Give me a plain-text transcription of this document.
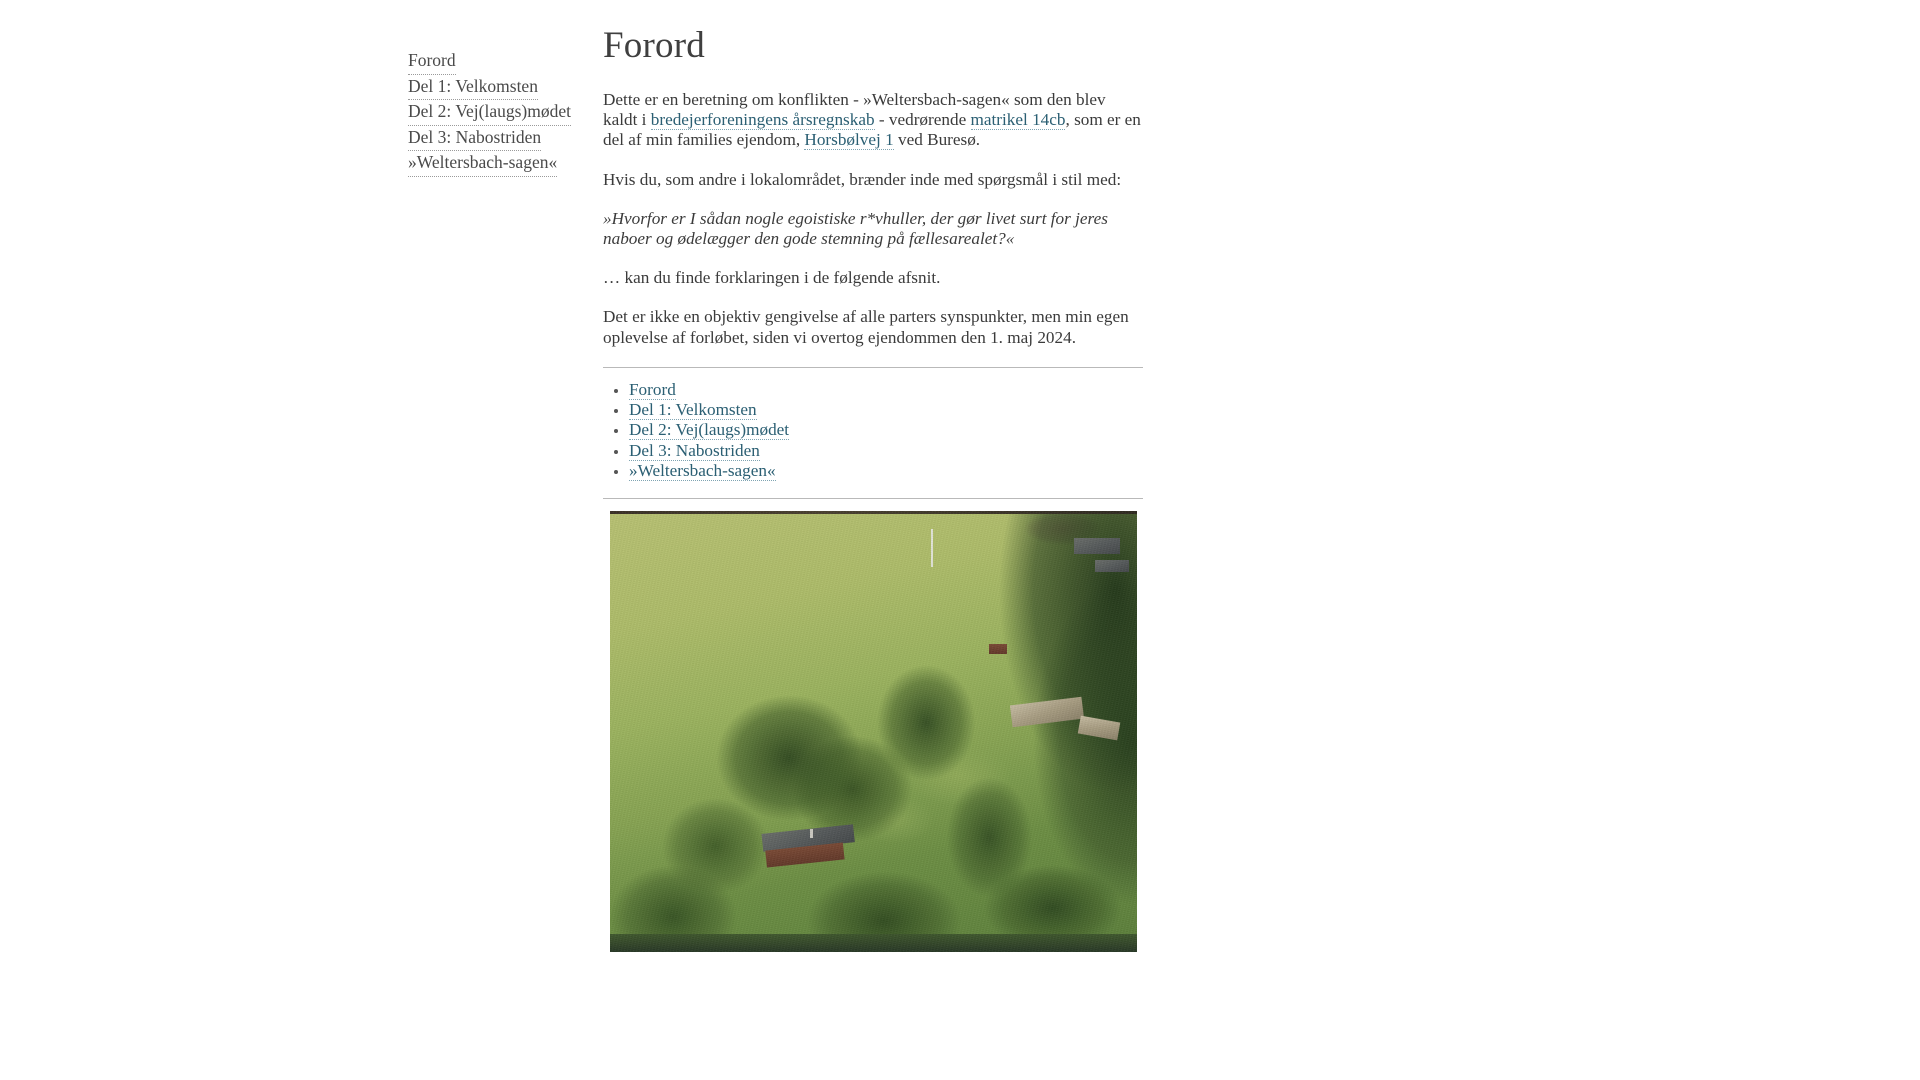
Forord
Del 1: Velkomsten
Del 2: Vej(laugs)mødet
Del 3: Nabostriden
»Weltersbach-sagen«
Forord

Dette er en beretning om konflikten - »Weltersbach-sagen« som den blev kaldt i bredejerforeningens årsregnskab - vedrørende matrikel 14cb, som er en del af min families ejendom, Horsbølvej 1 ved Buresø.

Hvis du, som andre i lokalområdet, brænder inde med spørgsmål i stil med:

»Hvorfor er I sådan nogle egoistiske r*vhuller, der gør livet surt for jeres naboer og ødelægger den gode stemning på fællesarealet?«

… kan du finde forklaringen i de følgende afsnit.

Det er ikke en objektiv gengivelse af alle parters synspunkter, men min egen oplevelse af forløbet, siden vi overtog ejendommen den 1. maj 2024.

• Forord
• Del 1: Velkomsten
• Del 2: Vej(laugs)mødet
• Del 3: Nabostriden
• »Weltersbach-sagen«
